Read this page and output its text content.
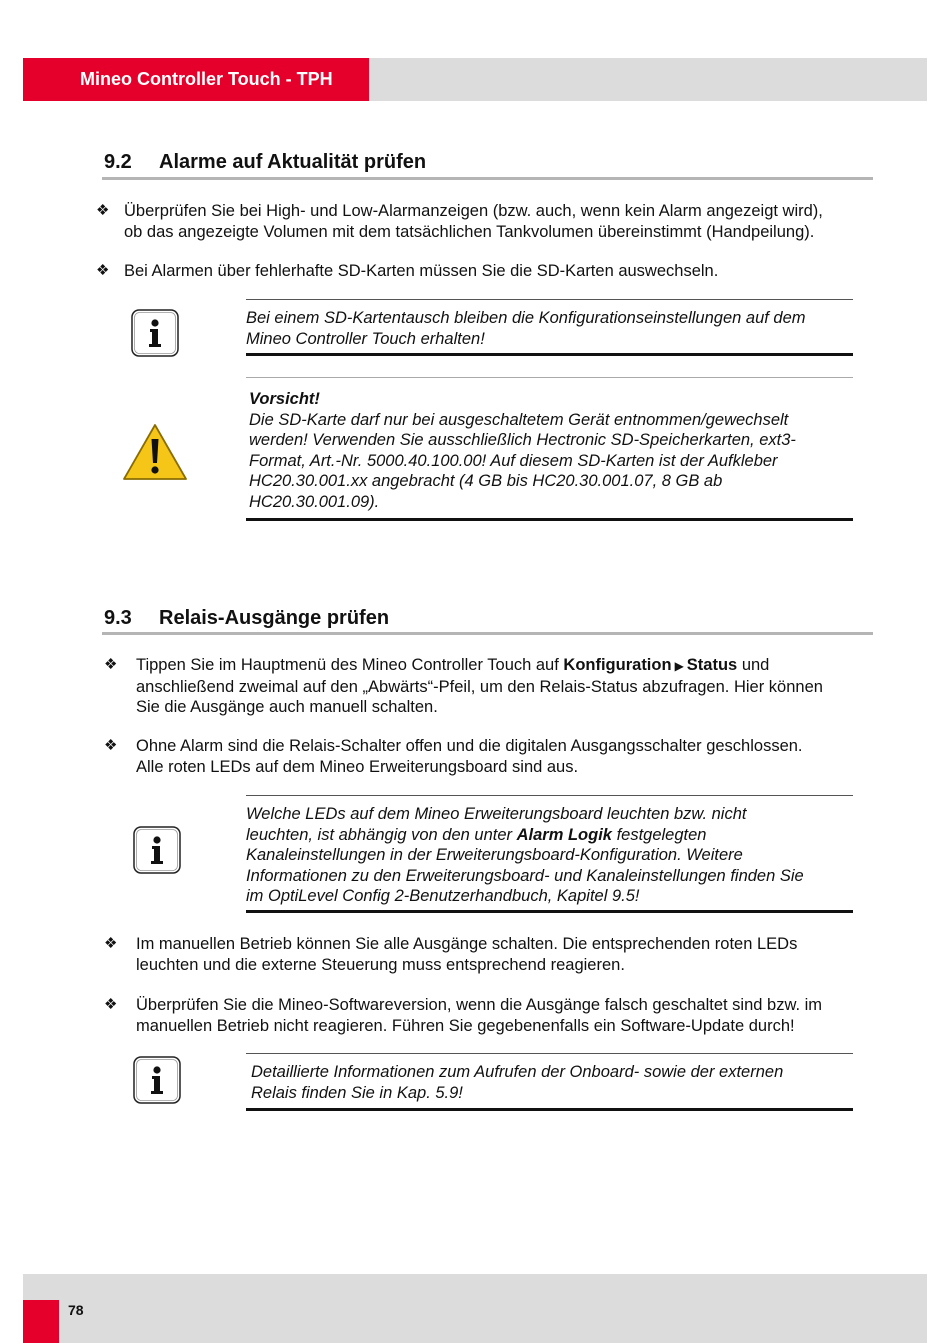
Mineo Controller Touch - TPH
9.2 Alarme auf Aktualität prüfen
❖ Überprüfen Sie bei High- und Low-Alarmanzeigen (bzw. auch, wenn kein Alarm angezeigt wird),

ob das angezeigte Volumen mit dem tatsächlichen Tankvolumen übereinstimmt (Handpeilung).

❖ Bei Alarmen über fehlerhafte SD-Karten müssen Sie die SD-Karten auswechseln.

Bei einem SD-Kartentausch bleiben die Konfigurationseinstellungen auf dem

Mineo Controller Touch erhalten!

Vorsicht!

Die SD-Karte darf nur bei ausgeschaltetem Gerät entnommen/gewechselt

werden! Verwenden Sie ausschließlich Hectronic SD-Speicherkarten, ext3-

Format, Art.-Nr. 5000.40.100.00! Auf diesem SD-Karten ist der Aufkleber

HC20.30.001.xx angebracht (4 GB bis HC20.30.001.07, 8 GB ab

HC20.30.001.09).

9.3 Relais-Ausgänge prüfen
❖ Tippen Sie im Hauptmenü des Mineo Controller Touch auf Konfiguration ▶ Status und

anschließend zweimal auf den „Abwärts“-Pfeil, um den Relais-Status abzufragen. Hier können

Sie die Ausgänge auch manuell schalten.

❖ Ohne Alarm sind die Relais-Schalter offen und die digitalen Ausgangsschalter geschlossen.

Alle roten LEDs auf dem Mineo Erweiterungsboard sind aus.

Welche LEDs auf dem Mineo Erweiterungsboard leuchten bzw. nicht

leuchten, ist abhängig von den unter Alarm Logik festgelegten

Kanaleinstellungen in der Erweiterungsboard-Konfiguration. Weitere

Informationen zu den Erweiterungsboard- und Kanaleinstellungen finden Sie

im OptiLevel Config 2-Benutzerhandbuch, Kapitel 9.5!

❖ Im manuellen Betrieb können Sie alle Ausgänge schalten. Die entsprechenden roten LEDs

leuchten und die externe Steuerung muss entsprechend reagieren.

❖ Überprüfen Sie die Mineo-Softwareversion, wenn die Ausgänge falsch geschaltet sind bzw. im

manuellen Betrieb nicht reagieren. Führen Sie gegebenenfalls ein Software-Update durch!

Detaillierte Informationen zum Aufrufen der Onboard- sowie der externen

Relais finden Sie in Kap. 5.9!

78
